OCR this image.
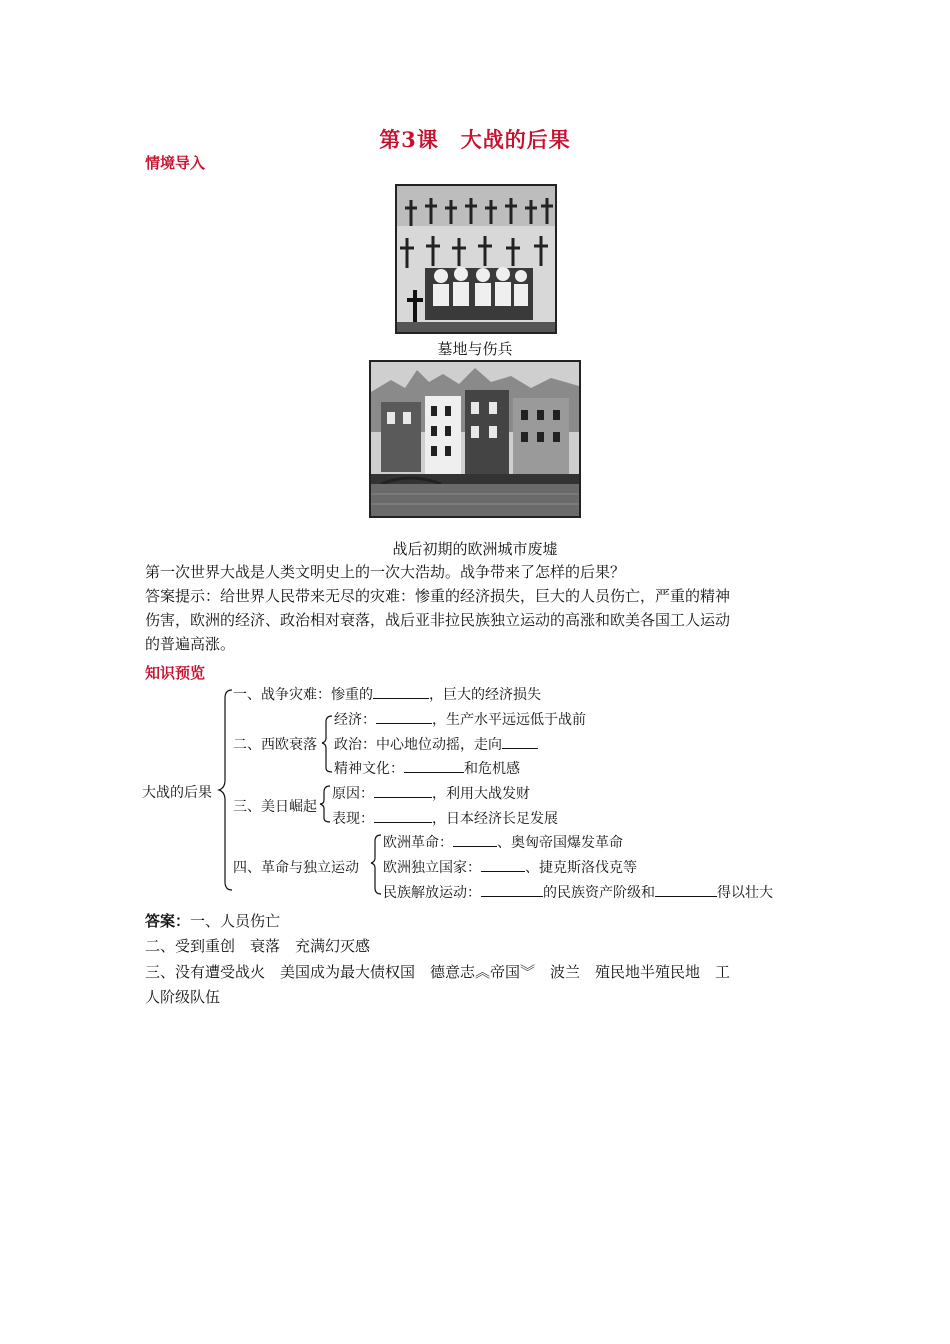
第3课　大战的后果
情境导入
墓地与伤兵
战后初期的欧洲城市废墟
第一次世界大战是人类文明史上的一次大浩劫。战争带来了怎样的后果？
答案提示：给世界人民带来无尽的灾难：惨重的经济损失，巨大的人员伤亡，严重的精神
伤害，欧洲的经济、政治相对衰落，战后亚非拉民族独立运动的高涨和欧美各国工人运动
的普遍高涨。
知识预览
大战的后果
一、战争灾难：惨重的	，巨大的经济损失
二、西欧衰落
经济：	，生产水平远远低于战前
政治：中心地位动摇，走向
精神文化：	和危机感
三、美日崛起
原因：	，利用大战发财
表现：	，日本经济长足发展
四、革命与独立运动
欧洲革命：	、奥匈帝国爆发革命
欧洲独立国家：	、捷克斯洛伐克等
民族解放运动：	的民族资产阶级和	得以壮大
答案：一、人员伤亡
二、受到重创　衰落　充满幻灭感
三、没有遭受战火　美国成为最大债权国　德意志︽帝国︾　波兰　殖民地半殖民地　工
人阶级队伍
